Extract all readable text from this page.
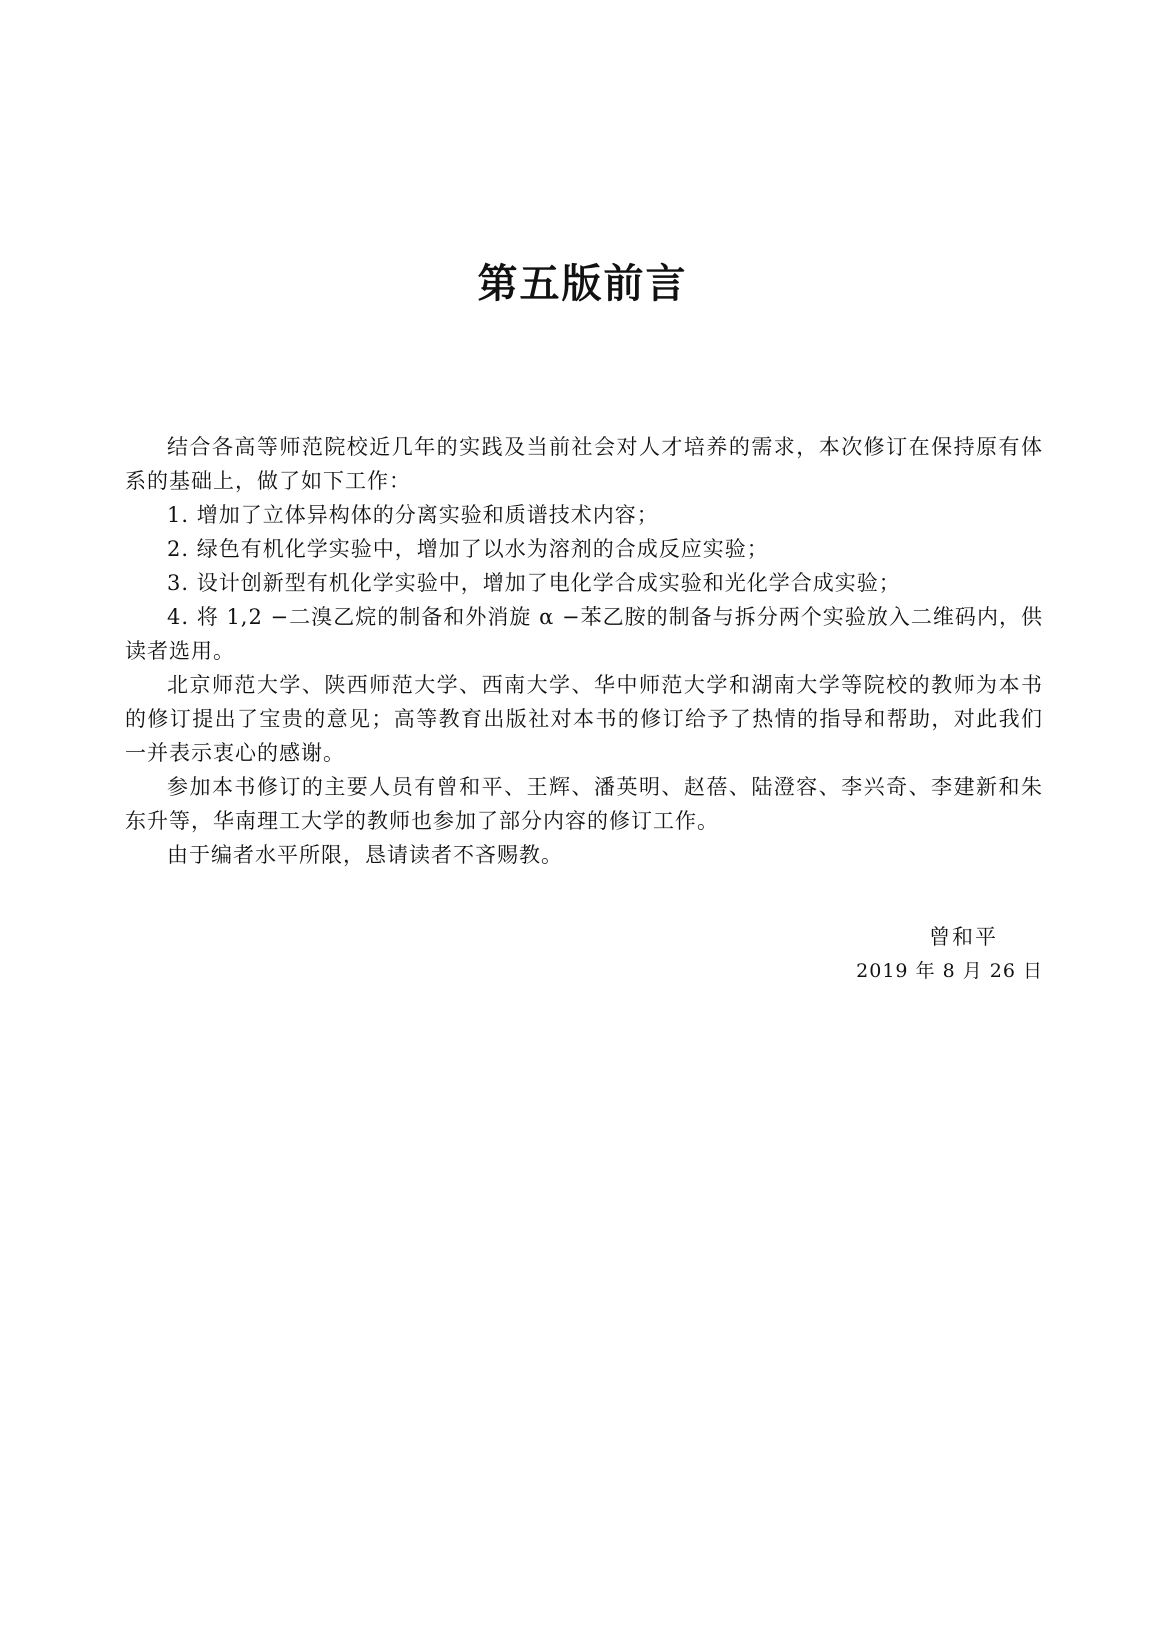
第五版前言

结合各高等师范院校近几年的实践及当前社会对人才培养的需求，本次修订在保持原有体系的基础上，做了如下工作：

1. 增加了立体异构体的分离实验和质谱技术内容；

2. 绿色有机化学实验中，增加了以水为溶剂的合成反应实验；

3. 设计创新型有机化学实验中，增加了电化学合成实验和光化学合成实验；

4. 将 1,2 −二溴乙烷的制备和外消旋 α −苯乙胺的制备与拆分两个实验放入二维码内，供读者选用。

北京师范大学、陕西师范大学、西南大学、华中师范大学和湖南大学等院校的教师为本书的修订提出了宝贵的意见；高等教育出版社对本书的修订给予了热情的指导和帮助，对此我们一并表示衷心的感谢。

参加本书修订的主要人员有曾和平、王辉、潘英明、赵蓓、陆澄容、李兴奇、李建新和朱东升等，华南理工大学的教师也参加了部分内容的修订工作。

由于编者水平所限，恳请读者不吝赐教。

曾和平

2019 年 8 月 26 日
